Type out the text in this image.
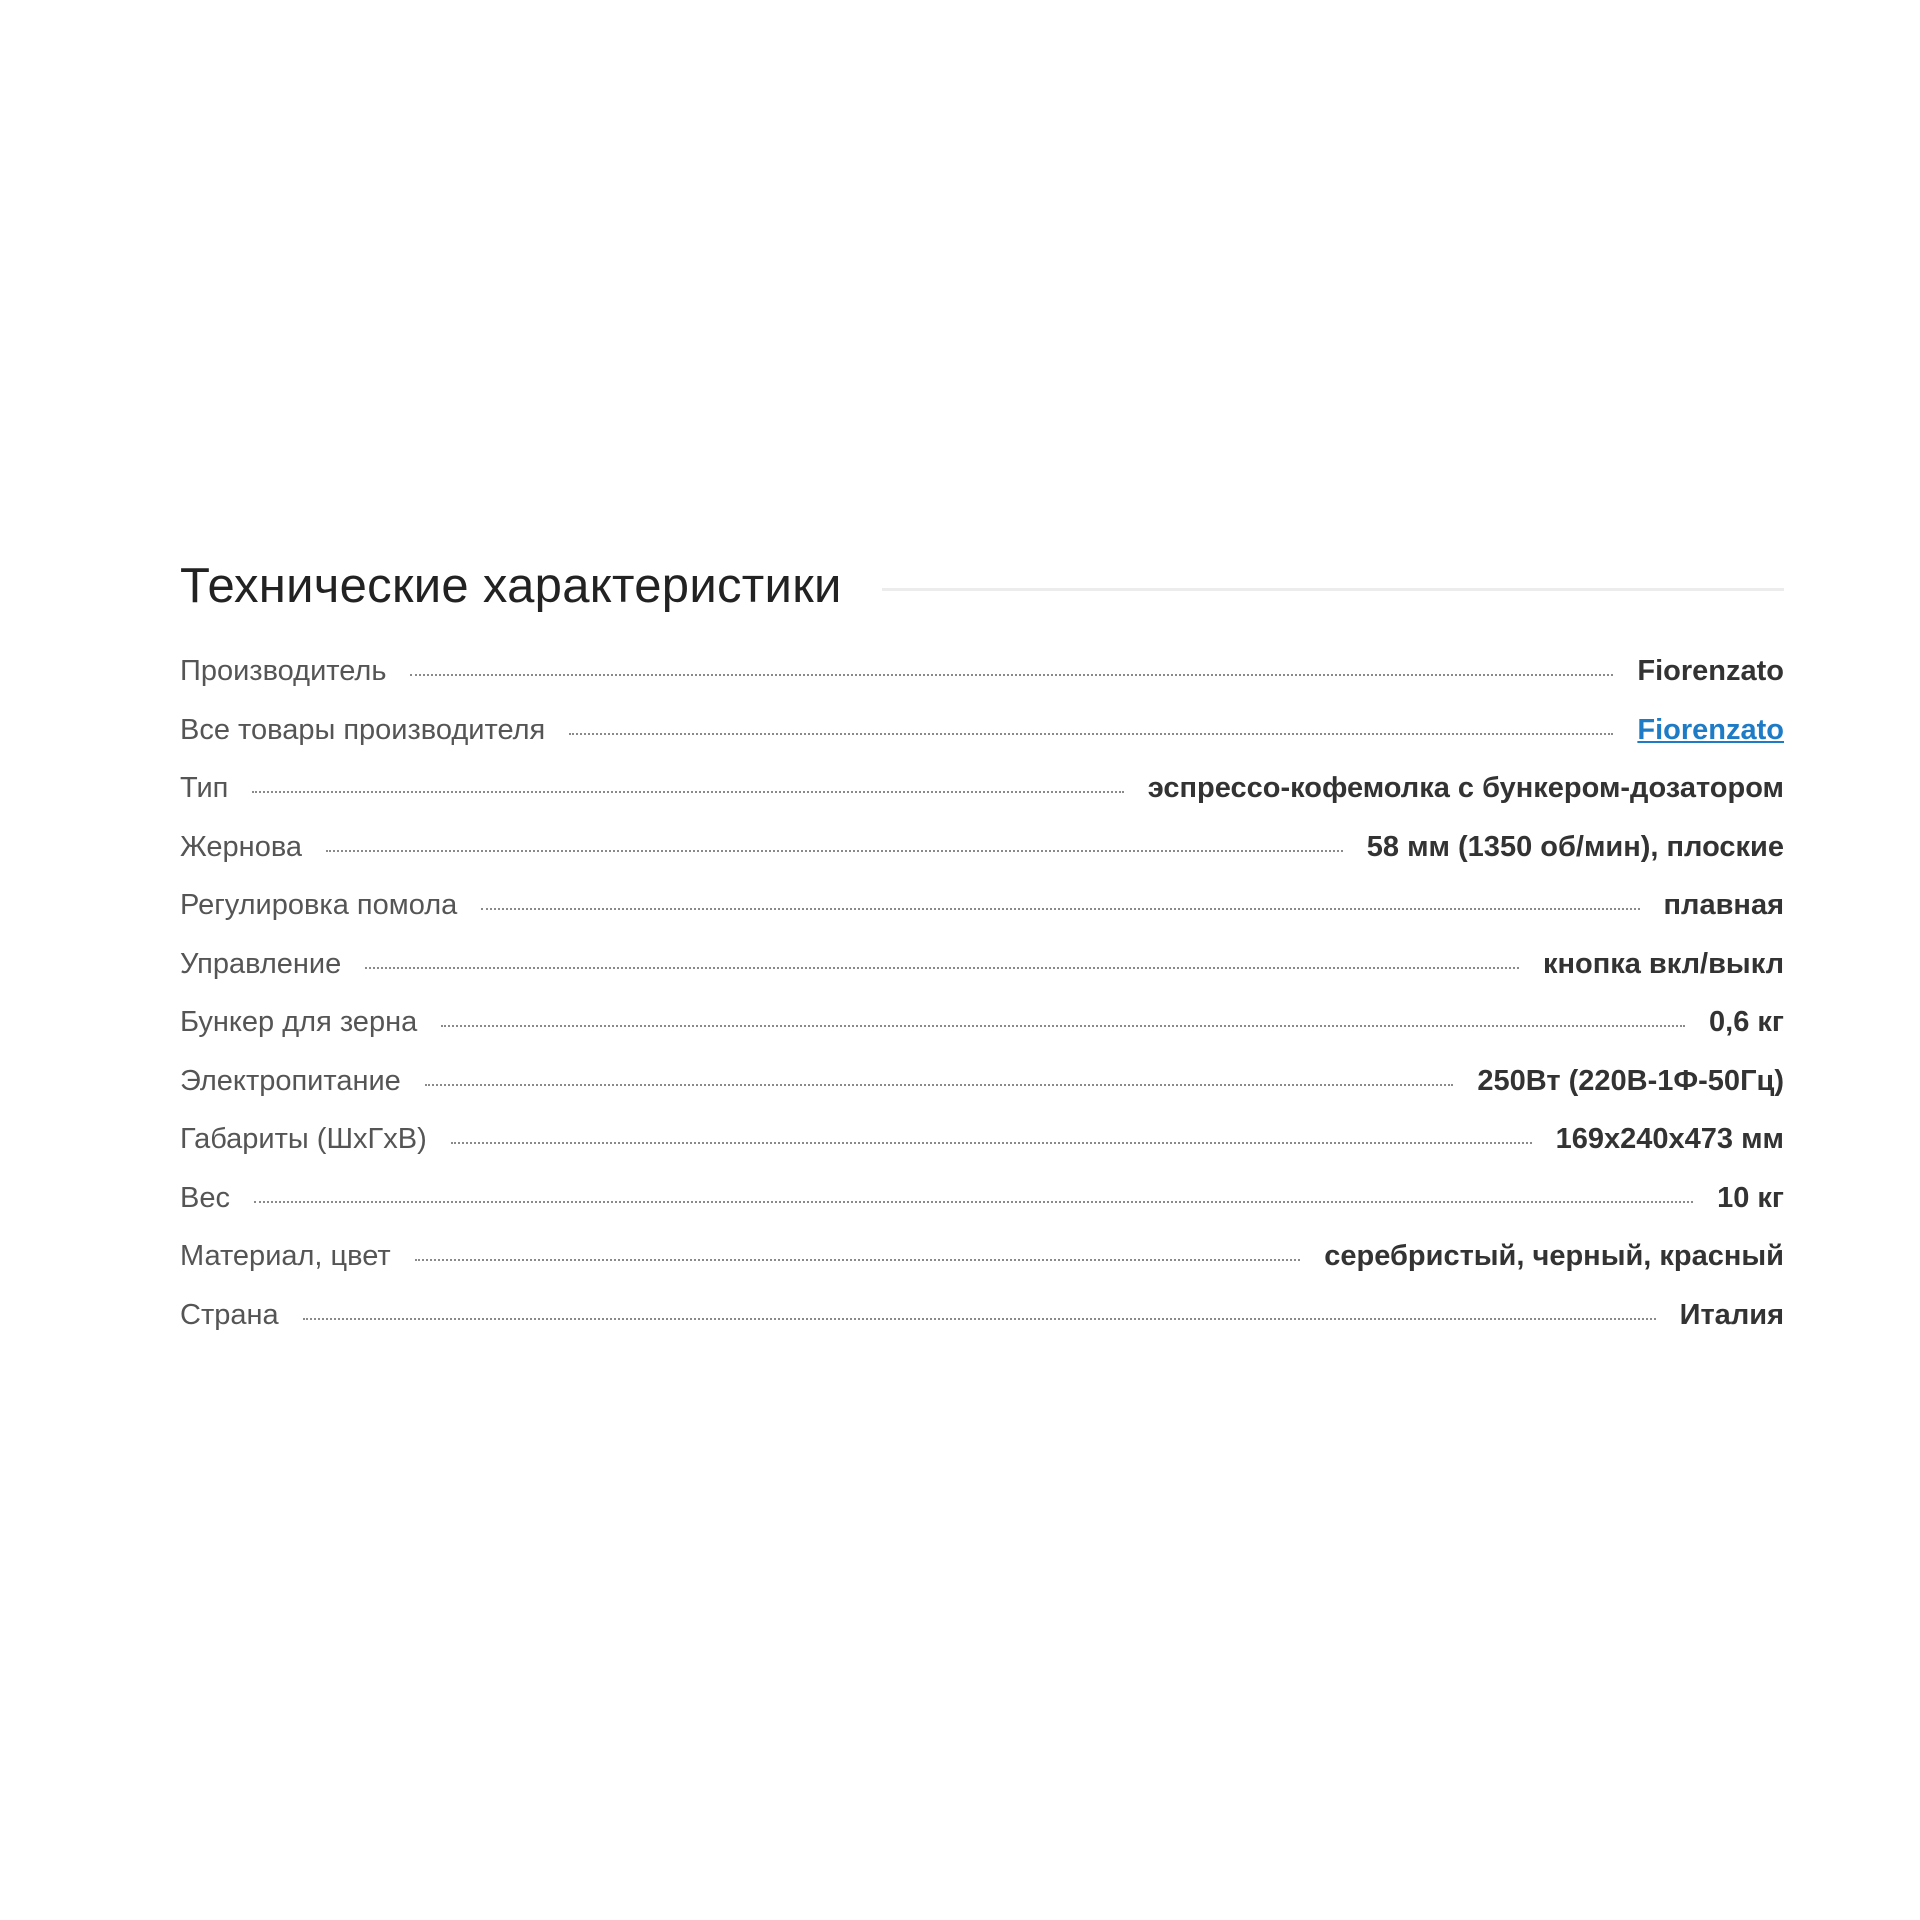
Технические характеристики
Производитель	Fiorenzato
Все товары производителя	Fiorenzato
Тип	эспрессо-кофемолка с бункером-дозатором
Жернова	58 мм (1350 об/мин), плоские
Регулировка помола	плавная
Управление	кнопка вкл/выкл
Бункер для зерна	0,6 кг
Электропитание	250Вт (220В-1Ф-50Гц)
Габариты (ШхГхВ)	169x240x473 мм
Вес	10 кг
Материал, цвет	серебристый, черный, красный
Страна	Италия
